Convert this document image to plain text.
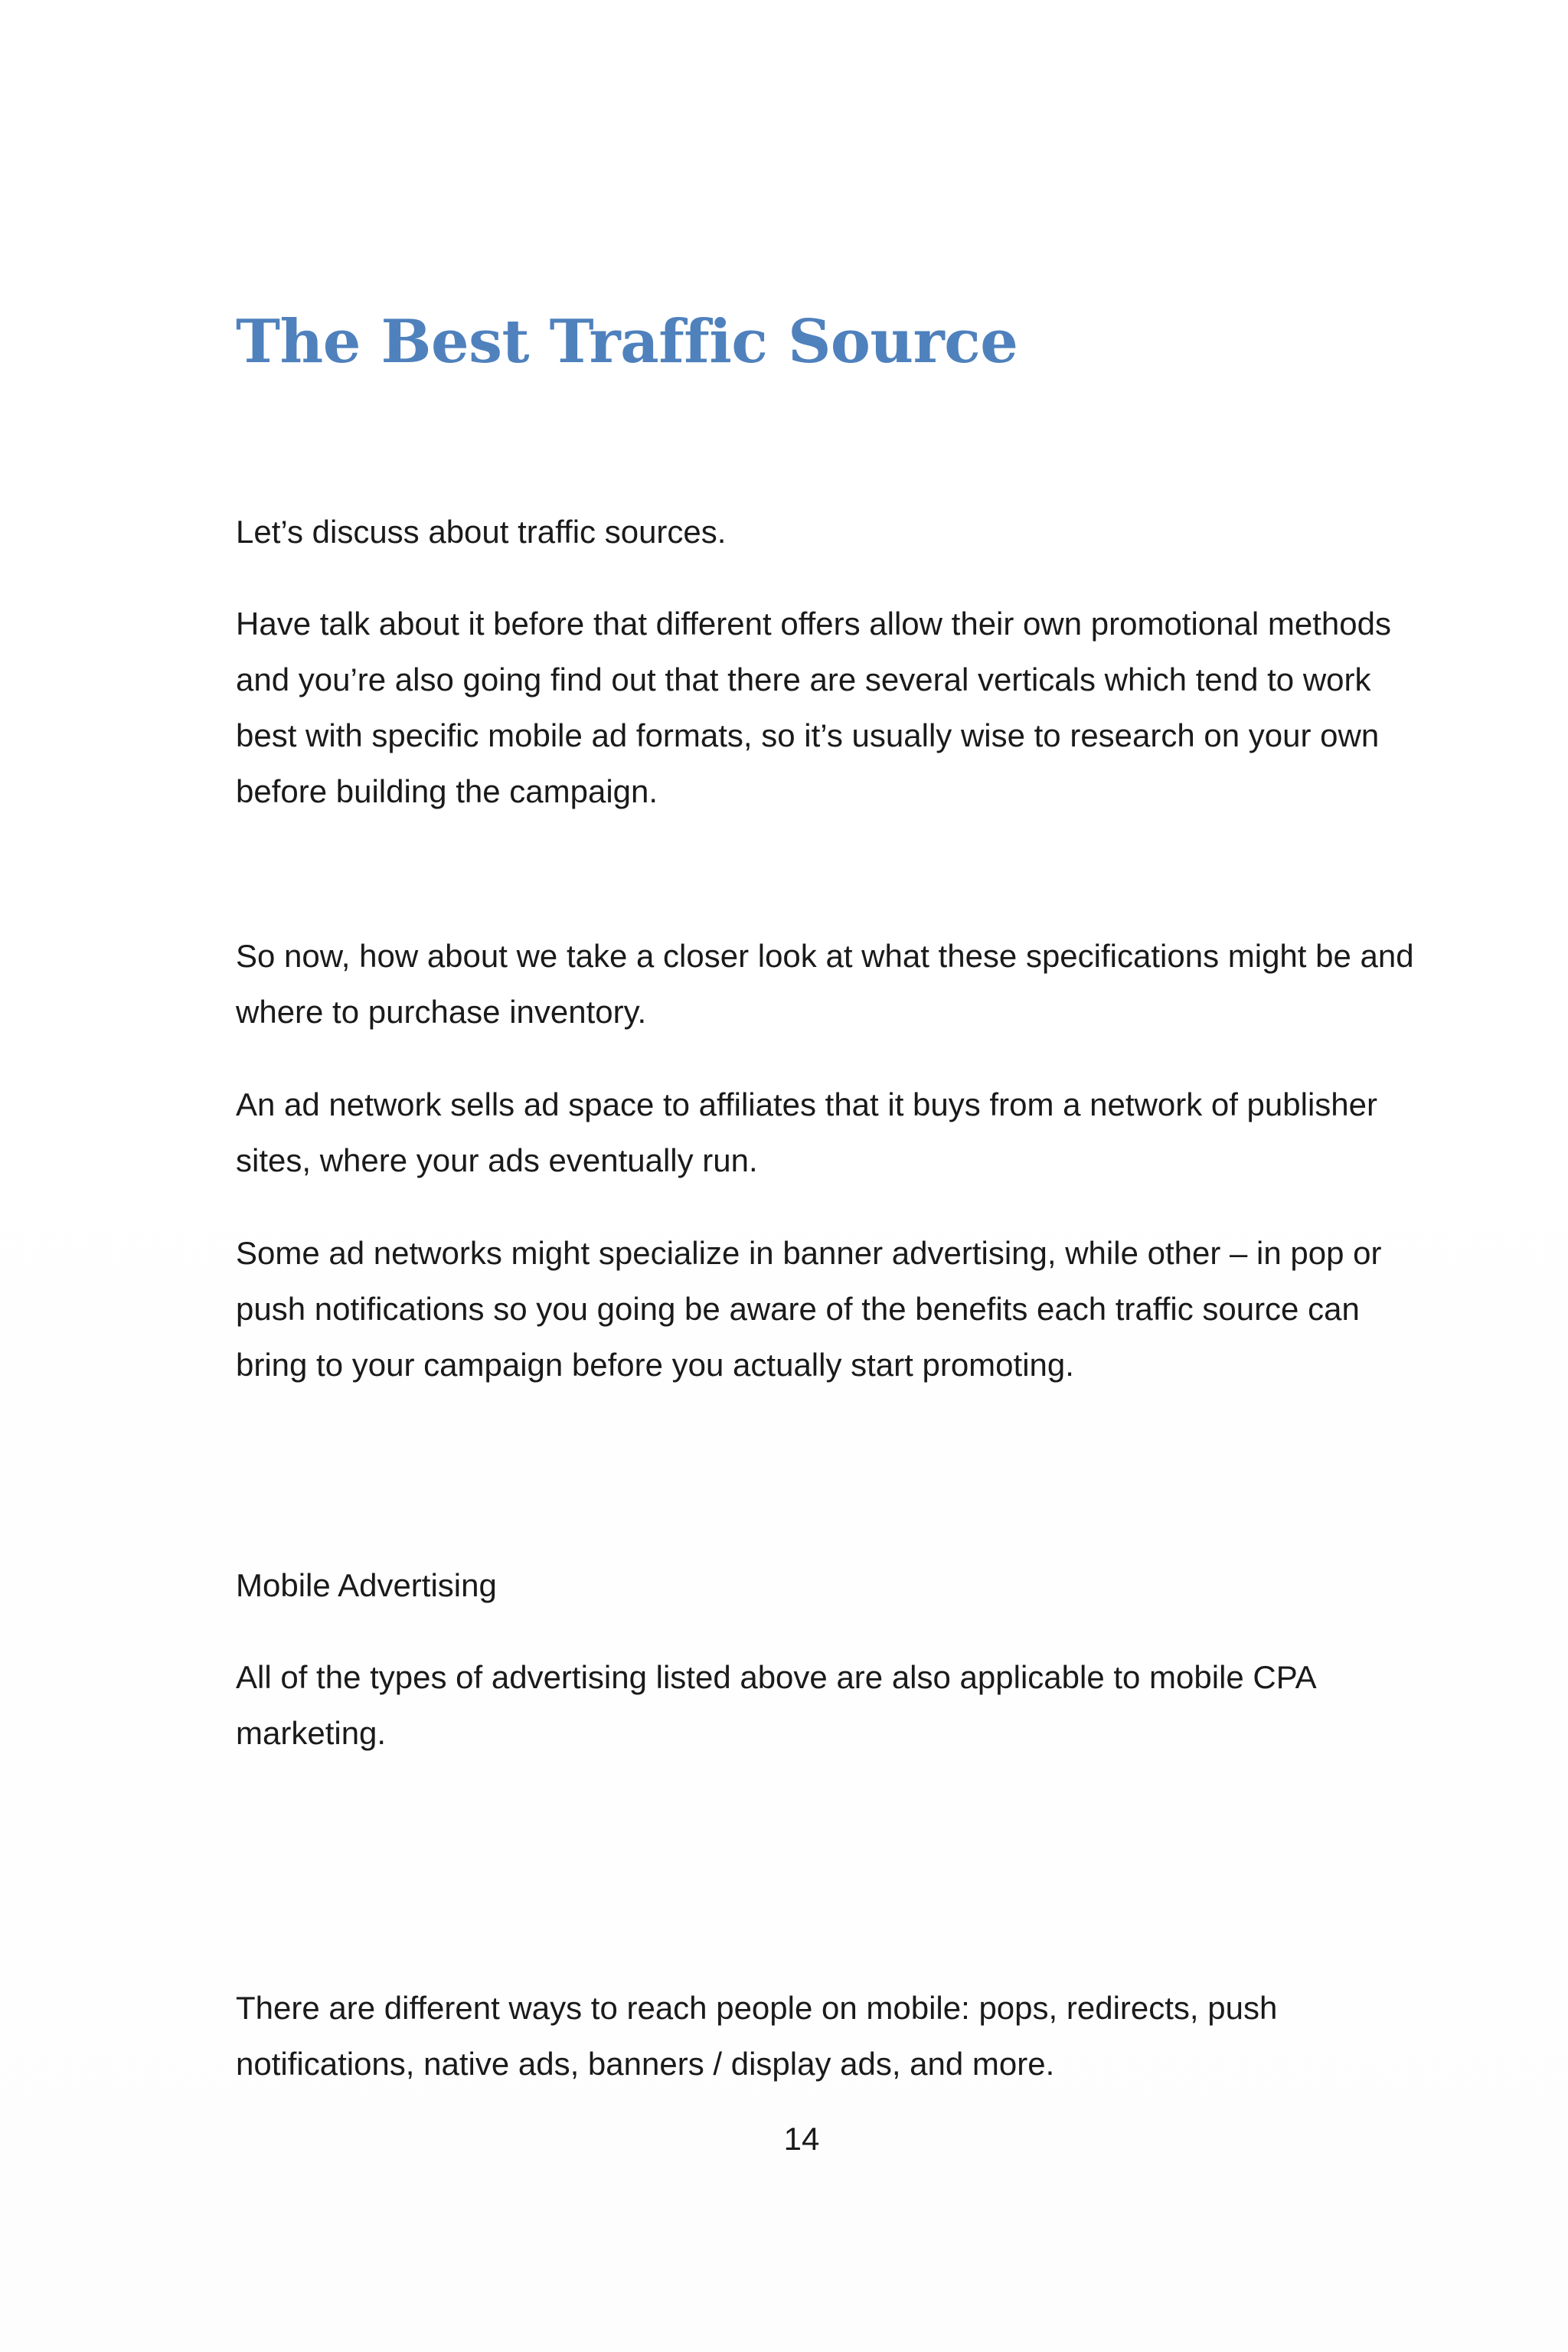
The Best Traffic Source

Let’s discuss about traffic sources.

Have talk about it before that different offers allow their own promotional methods and you’re also going find out that there are several verticals which tend to work best with specific mobile ad formats, so it’s usually wise to research on your own before building the campaign.

So now, how about we take a closer look at what these specifications might be and where to purchase inventory.

An ad network sells ad space to affiliates that it buys from a network of publisher sites, where your ads eventually run.

Some ad networks might specialize in banner advertising, while other – in pop or push notifications so you going be aware of the benefits each traffic source can bring to your campaign before you actually start promoting.

Mobile Advertising

All of the types of advertising listed above are also applicable to mobile CPA marketing.

There are different ways to reach people on mobile: pops, redirects, push notifications, native ads, banners / display ads, and more.

14
